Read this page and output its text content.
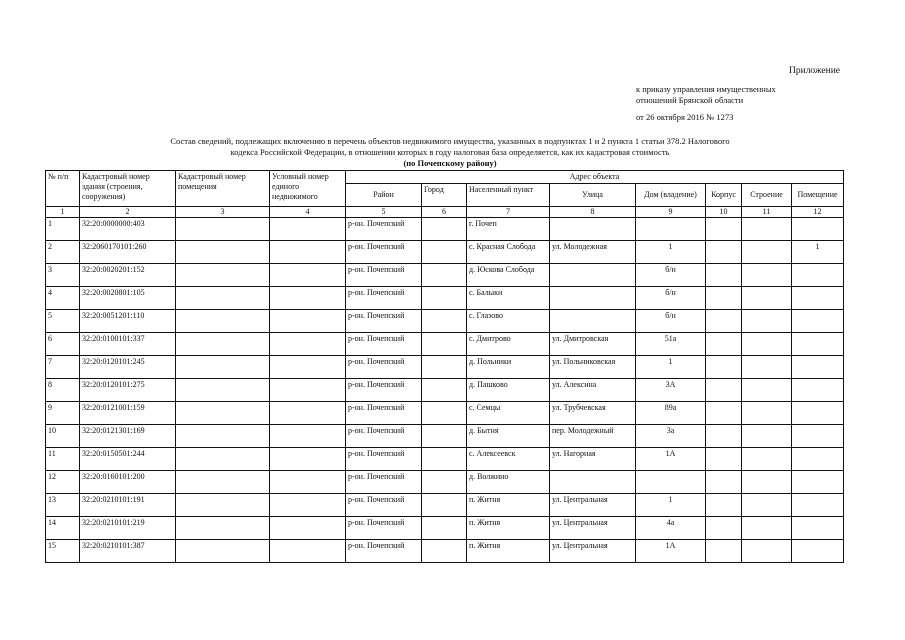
Приложение
к приказу управления имущественных
отношений Брянской области
от 26 октября 2016 № 1273
Состав сведений, подлежащих включению в перечень объектов недвижимого имущества, указанных в подпунктах 1 и 2 пункта 1 статьи 378.2 Налогового
кодекса Российской Федерации, в отношении которых в году налоговая база определяется, как их кадастровая стоимость
(по Почепскому району)
№ п/п	Кадастровый номер здания (строения, сооружения)	Кадастровый номер помещения	Условный номер единого недвижимого	Адрес объекта							
				Район	Город	Населенный пункт	Улица	Дом (владение)	Корпус	Строение	Помещение
1	2	3	4	5	6	7	8	9	10	11	12
1	32:20:0000000:403			р-он. Почепский		г. Почеп					
2	32:2060170101:260			р-он. Почепский		с. Красная Слобода	ул. Молодежная	1			1
3	32:20:0020201:152			р-он. Почепский		д. Юскова Слобода		б/н			
4	32:20:0020801:105			р-он. Почепский		с. Балыки		б/н			
5	32:20:0051201:110			р-он. Почепский		с. Глазово		б/н			
6	32:20:0100101:337			р-он. Почепский		с. Дмитрово	ул. Дмитровская	51а			
7	32:20:0120101:245			р-он. Почепский		д. Польники	ул. Польниковская	1			
8	32:20:0120101:275			р-он. Почепский		д. Пашково	ул. Алексина	3А			
9	32:20:0121001:159			р-он. Почепский		с. Семцы	ул. Трубчевская	89а			
10	32:20:0121301:169			р-он. Почепский		д. Бытня	пер. Молодежный	3а			
11	32:20:0150501:244			р-он. Почепский		с. Алексеевск	ул. Нагорная	1А			
12	32:20:0160101:200			р-он. Почепский		д. Волжино					
13	32:20:0210101:191			р-он. Почепский		п. Житня	ул. Центральная	1			
14	32:20:0210101:219			р-он. Почепский		п. Житня	ул. Центральная	4а			
15	32:20:0210101:387			р-он. Почепский		п. Житня	ул. Центральная	1А			
